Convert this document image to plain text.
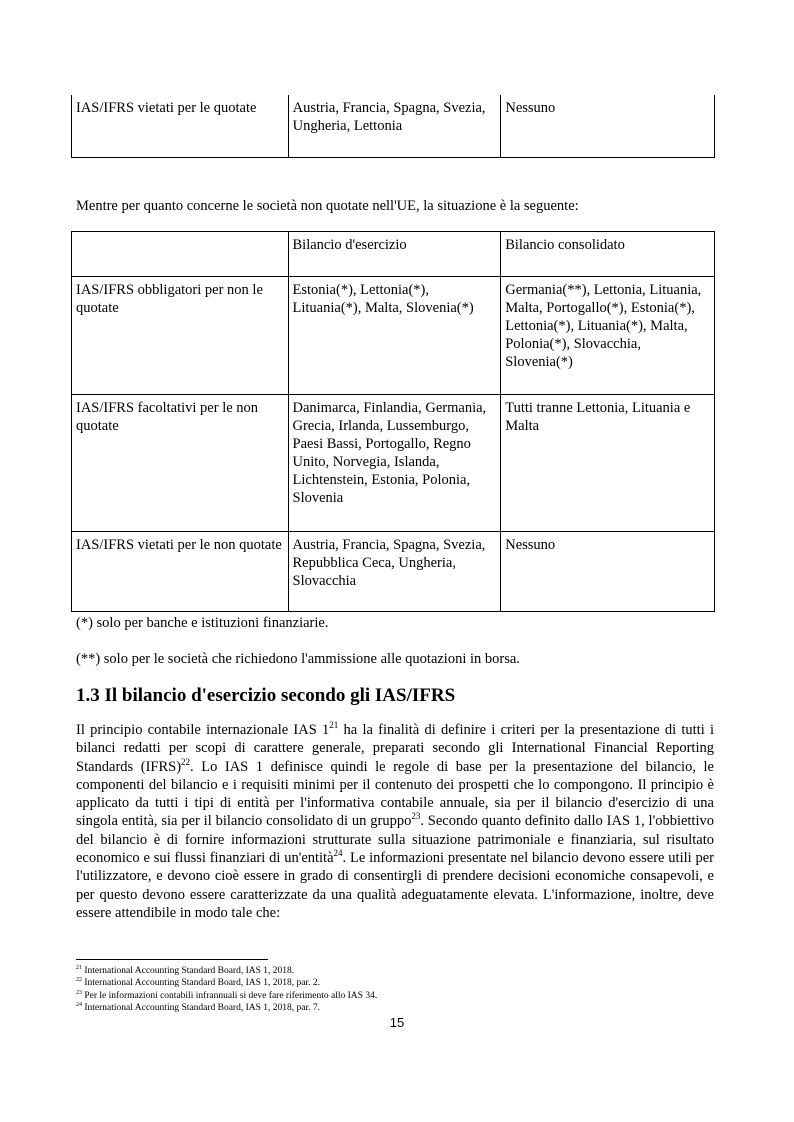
IAS/IFRS vietati per le quotate	Austria, Francia, Spagna, Svezia, Ungheria, Lettonia	Nessuno

Mentre per quanto concerne le società non quotate nell'UE, la situazione è la seguente:

	Bilancio d'esercizio	Bilancio consolidato
IAS/IFRS obbligatori per non le quotate	Estonia(*), Lettonia(*), Lituania(*), Malta, Slovenia(*)	Germania(**), Lettonia, Lituania, Malta, Portogallo(*), Estonia(*), Lettonia(*), Lituania(*), Malta, Polonia(*), Slovacchia, Slovenia(*)
IAS/IFRS facoltativi per le non quotate	Danimarca, Finlandia, Germania, Grecia, Irlanda, Lussemburgo, Paesi Bassi, Portogallo, Regno Unito, Norvegia, Islanda, Lichtenstein, Estonia, Polonia, Slovenia	Tutti tranne Lettonia, Lituania e Malta
IAS/IFRS vietati per le non quotate	Austria, Francia, Spagna, Svezia, Repubblica Ceca, Ungheria, Slovacchia	Nessuno

(*) solo per banche e istituzioni finanziarie.

(**) solo per le società che richiedono l'ammissione alle quotazioni in borsa.

1.3 Il bilancio d'esercizio secondo gli IAS/IFRS

Il principio contabile internazionale IAS $1^{21}$ ha la finalità di definire i criteri per la presentazione di tutti i bilanci redatti per scopi di carattere generale, preparati secondo gli International Financial Reporting Standards (IFRS)$^{22}$. Lo IAS 1 definisce quindi le regole di base per la presentazione del bilancio, le componenti del bilancio e i requisiti minimi per il contenuto dei prospetti che lo compongono. Il principio è applicato da tutti i tipi di entità per l'informativa contabile annuale, sia per il bilancio d'esercizio di una singola entità, sia per il bilancio consolidato di un gruppo$^{23}$. Secondo quanto definito dallo IAS 1, l'obbiettivo del bilancio è di fornire informazioni strutturate sulla situazione patrimoniale e finanziaria, sul risultato economico e sui flussi finanziari di un'entità$^{24}$. Le informazioni presentate nel bilancio devono essere utili per l'utilizzatore, e devono cioè essere in grado di consentirgli di prendere decisioni economiche consapevoli, e per questo devono essere caratterizzate da una qualità adeguatamente elevata. L'informazione, inoltre, deve essere attendibile in modo tale che:

$^{21}$ International Accounting Standard Board, IAS 1, 2018.
$^{22}$ International Accounting Standard Board, IAS 1, 2018, par. 2.
$^{23}$ Per le informazioni contabili infrannuali si deve fare riferimento allo IAS 34.
$^{24}$ International Accounting Standard Board, IAS 1, 2018, par. 7.
15
